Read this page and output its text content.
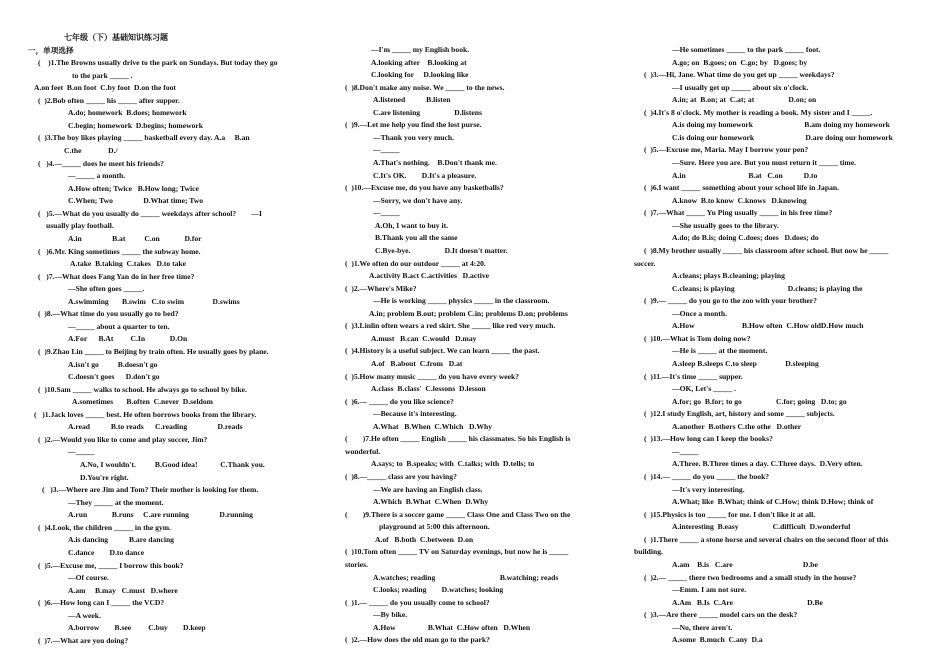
七年级（下）基础知识练习题
一，单项选择
(    )1.The Browns usually drive to the park on Sundays. But today they go
to the park _____ .
A.on feet  B.on foot  C.by foot  D.on the foot
(  )2.Bob often _____ his _____ after supper.
A.do; homework  B.does; homework
C.begin; homework  D.begins; homework
(  )3.The boy likes playing _____ basketball every day. A.a     B.an
C.the              D./
(   )4.—_____ does he meet his friends?
—_____ a month.
A.How often; Twice   B.How long; Twice
C.When; Two                D.What time; Two
(   )5.—What do you usually do _____ weekdays after school?        —I
usually play football.
A.in                B.at          C.on             D.for
(   )6.Mr. King sometimes _____ the subway home.
A.take  B.taking  C.takes   D.to take
(   )7.—What does Fang Yan do in her free time?
—She often goes _____.
A.swimming       B.swim   C.to swim               D.swims
(  )8.—What time do you usually go to bed?
—_____ about a quarter to ten.
A.For      B.At         C.In             D.On
(  )9.Zhao Lin _____ to Beijing by train often. He usually goes by plane.
A.isn't go          B.doesn't go
C.doesn't goes      D.don't go
(  )10.Sam _____ walks to school. He always go to school by bike.
A.sometimes       B.often  C.never  D.seldom
(   )1.Jack loves _____ best. He often borrows books from the library.
A.read           B.to reads      C.reading                D.reads
(  )2.—Would you like to come and play soccer, Jim?
—_____
A.No, I wouldn't.          B.Good idea!            C.Thank you.
D.You're right.
(   )3.—Where are Jim and Tom? Their mother is looking for them.
—They _____ at the moment.
A.run             B.runs     C.are running                D.running
(  )4.Look, the children _____ in the gym.
A.is dancing           B.are dancing
C.dance        D.to dance
(  )5.—Excuse me, _____ I borrow this book?
—Of course.
A.am     B.may   C.must   D.where
(  )6.—How long can I _____ the VCD?
—A week.
A.borrow        B.see         C.buy        D.keep
(  )7.—What are you doing?
—I'm _____ my English book.
A.looking after    B.looking at
C.looking for     D.looking like
(  )8.Don't make any noise. We _____ to the news.
A.listened           B.listen
C.are listening                  D.listens
(  )9.—Let me help you find the lost purse.
—Thank you very much.
—_____
A.That's nothing.    B.Don't thank me.
C.It's OK.        D.It's a pleasure.
(  )10.—Excuse me, do you have any basketballs?
—Sorry, we don't have any.
—_____
A.Oh, I want to buy it.
B.Thank you all the same
C.Bye-bye.                  D.It doesn't matter.
(  )1.We often do our outdoor _____ at 4:20.
A.activity B.act C.activities   D.active
(  )2.—Where's Mike?
—He is working _____ physics _____ in the classroom.
A.in; problem B.out; problem C.in; problems D.on; problems
(  )3.Linlin often wears a red skirt. She _____ like red very much.
A.must   B.can  C.would   D.may
(  )4.History is a useful subject. We can learn _____ the past.
A.of   B.about  C.from   D.at
(  )5.How many music _____ do you have every week?
A.class  B.class'  C.lessons  D.lesson
(  )6.— _____ do you like science?
—Because it's interesting.
A.What   B.When  C.Which   D.Why
(        )7.He often _____ English _____ his classmates. So his English is
wonderful.
A.says; to  B.speaks; with  C.talks; with  D.tells; to
(  )8.—_____ class are you having?
—We are having an English class.
A.Which  B.What  C.When  D.Why
(        )9.There is a soccer game _____ Class One and Class Two on the
playground at 5:00 this afternoon.
A.of   B.both  C.between  D.on
(  )10.Tom often _____ TV on Saturday evenings, but now he is _____
stories.
A.watches; reading                                  B.watching; reads
C.looks; reading        D.watches; looking
(  )1.— _____ do you usually come to school?
—By bike.
A.How                 B.What  C.How often   D.When
(  )2.—How does the old man go to the park?
—He sometimes _____ to the park _____ foot.
A.go; on  B.goes; on  C.go; by   D.goes; by
(  )3.—Hi, Jane. What time do you get up _____ weekdays?
—I usually get up _____ about six o'clock.
A.in; at  B.on; at  C.at; at                  D.on; on
(  )4.It's 8 o'clock. My mother is reading a book. My sister and I _____.
A.is doing my homework                           B.am doing my homework
C.is doing our homework                           D.are doing our homework
(  )5.—Excuse me, Maria. May I borrow your pen?
—Sure. Here you are. But you must return it _____ time.
A.in                                 B.at   C.on           D.to
(  )6.I want _____ something about your school life in Japan.
A.know  B.to know  C.knows   D.knowing
(  )7.—What _____ Yu Ping usually _____ in his free time?
—She usually goes to the library.
A.do; do B.is; doing C.does; does   D.does; do
(  )8.My brother usually _____ his classroom after school. But now he _____
soccer.
A.cleans; plays B.cleaning; playing
C.cleans; is playing                            D.cleans; is playing the
(  )9.— _____ do you go to the zoo with your brother?
—Once a month.
A.How                         B.How often  C.How oldD.How much
(  )10.—What is Tom doing now?
—He is _____ at the moment.
A.sleep B.sleeps C.to sleep               D.sleeping
(  )11.—It's time _____ supper.
—OK, Let's _____ .
A.for; go  B.for; to go                  C.for; going   D.to; go
(  )12.I study English, art, history and some _____ subjects.
A.another  B.others C.the othe   D.other
(  )13.—How long can I keep the books?
—_____
A.Three. B.Three times a day. C.Three days.  D.Very often.
(  )14.— _____ do you _____ the book?
—It's very interesting.
A.What; like  B.What; think of C.How; think D.How; think of
(  )15.Physics is too _____ for me. I don't like it at all.
A.interesting  B.easy                  C.difficult  D.wonderful
(  )1.There _____ a stone horse and several chairs on the second floor of this
building.
A.am    B.is   C.are                                     D.be
(  )2.— _____ there two bedrooms and a small study in the house?
—Emm. I am not sure.
A.Am   B.Is  C.Are                                       D.Be
(  )3.—Are there _____ model cars on the desk?
—No, there aren't.
A.some  B.much  C.any  D.a
